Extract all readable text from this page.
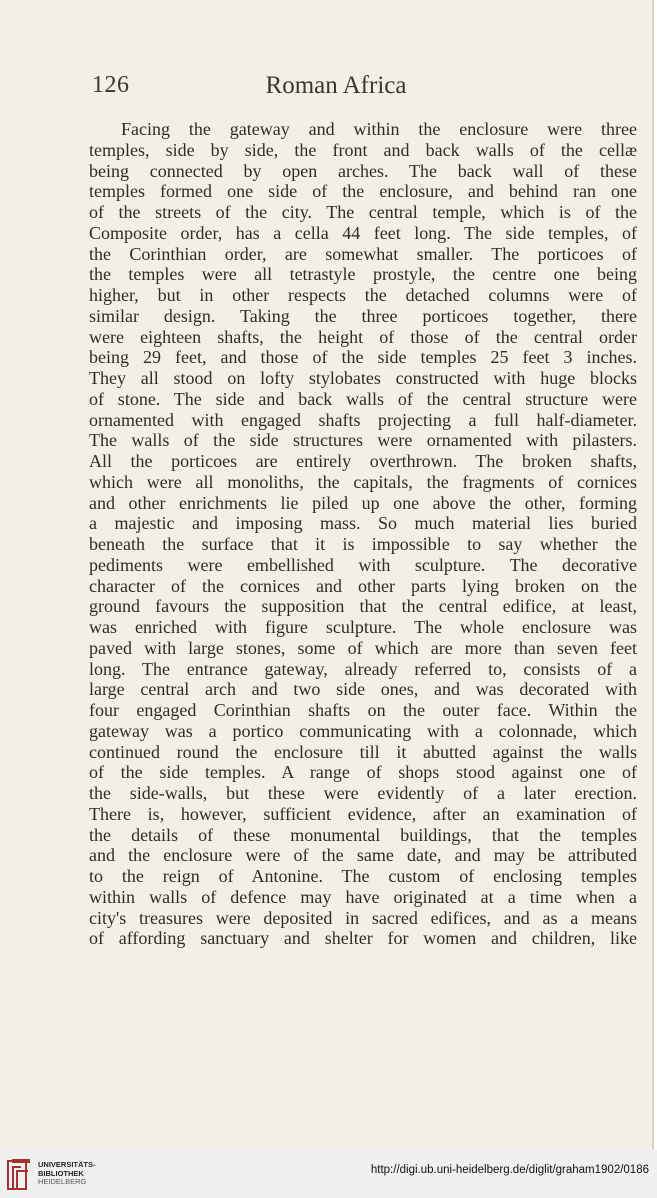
126	Roman Africa
Facing the gateway and within the enclosure were three
temples, side by side, the front and back walls of the cellæ
being connected by open arches. The back wall of these
temples formed one side of the enclosure, and behind ran one
of the streets of the city. The central temple, which is of the
Composite order, has a cella 44 feet long. The side temples, of
the Corinthian order, are somewhat smaller. The porticoes of
the temples were all tetrastyle prostyle, the centre one being
higher, but in other respects the detached columns were of
similar design. Taking the three porticoes together, there
were eighteen shafts, the height of those of the central order
being 29 feet, and those of the side temples 25 feet 3 inches.
They all stood on lofty stylobates constructed with huge blocks
of stone. The side and back walls of the central structure were
ornamented with engaged shafts projecting a full half-diameter.
The walls of the side structures were ornamented with pilasters.
All the porticoes are entirely overthrown. The broken shafts,
which were all monoliths, the capitals, the fragments of cornices
and other enrichments lie piled up one above the other, forming
a majestic and imposing mass. So much material lies buried
beneath the surface that it is impossible to say whether the
pediments were embellished with sculpture. The decorative
character of the cornices and other parts lying broken on the
ground favours the supposition that the central edifice, at least,
was enriched with figure sculpture. The whole enclosure was
paved with large stones, some of which are more than seven feet
long. The entrance gateway, already referred to, consists of a
large central arch and two side ones, and was decorated with
four engaged Corinthian shafts on the outer face. Within the
gateway was a portico communicating with a colonnade, which
continued round the enclosure till it abutted against the walls
of the side temples. A range of shops stood against one of
the side-walls, but these were evidently of a later erection.
There is, however, sufficient evidence, after an examination of
the details of these monumental buildings, that the temples
and the enclosure were of the same date, and may be attributed
to the reign of Antonine. The custom of enclosing temples
within walls of defence may have originated at a time when a
city's treasures were deposited in sacred edifices, and as a means
of affording sanctuary and shelter for women and children, like
UNIVERSITÄTS-
BIBLIOTHEK
HEIDELBERG
http://digi.ub.uni-heidelberg.de/diglit/graham1902/0186
